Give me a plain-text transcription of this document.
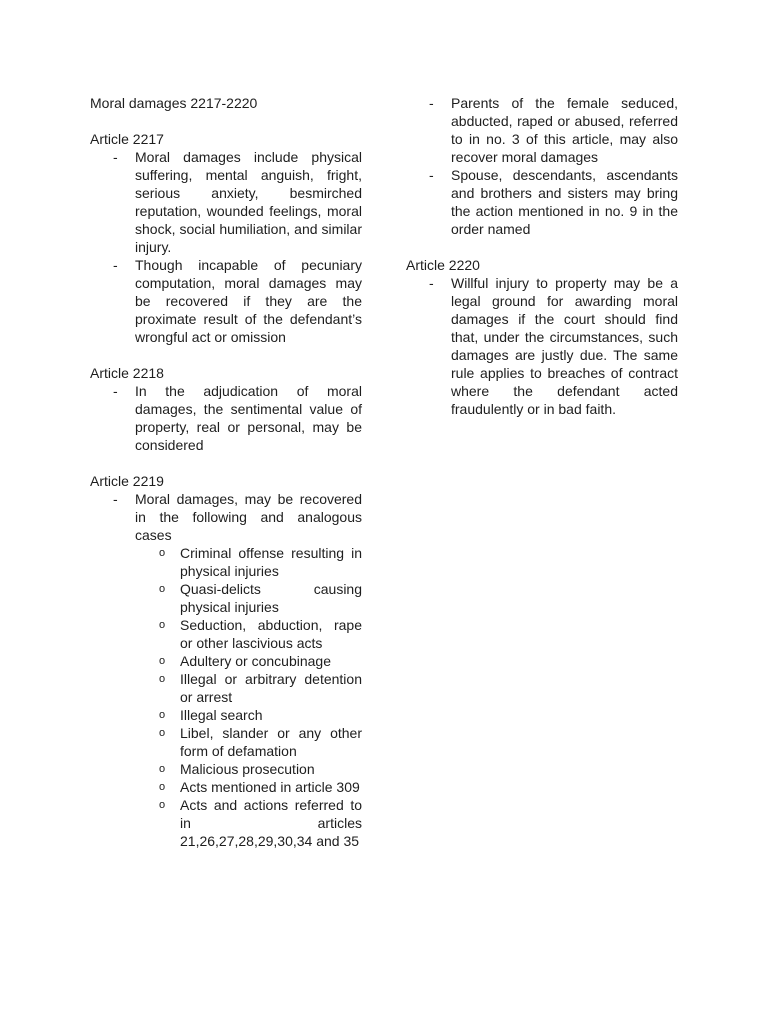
Moral damages 2217-2220

Article 2217

- Moral damages include physical suffering, mental anguish, fright, serious anxiety, besmirched reputation, wounded feelings, moral shock, social humiliation, and similar injury.
- Though incapable of pecuniary computation, moral damages may be recovered if they are the proximate result of the defendant’s wrongful act or omission

Article 2218

- In the adjudication of moral damages, the sentimental value of property, real or personal, may be considered

Article 2219

- Moral damages, may be recovered in the following and analogous cases
o Criminal offense resulting in physical injuries
o Quasi-delicts causing physical injuries
o Seduction, abduction, rape or other lascivious acts
o Adultery or concubinage
o Illegal or arbitrary detention or arrest
o Illegal search
o Libel, slander or any other form of defamation
o Malicious prosecution
o Acts mentioned in article 309
o Acts and actions referred to in articles 21,26,27,28,29,30,34 and 35
- Parents of the female seduced, abducted, raped or abused, referred to in no. 3 of this article, may also recover moral damages
- Spouse, descendants, ascendants and brothers and sisters may bring the action mentioned in no. 9 in the order named

Article 2220

- Willful injury to property may be a legal ground for awarding moral damages if the court should find that, under the circumstances, such damages are justly due. The same rule applies to breaches of contract where the defendant acted fraudulently or in bad faith.
